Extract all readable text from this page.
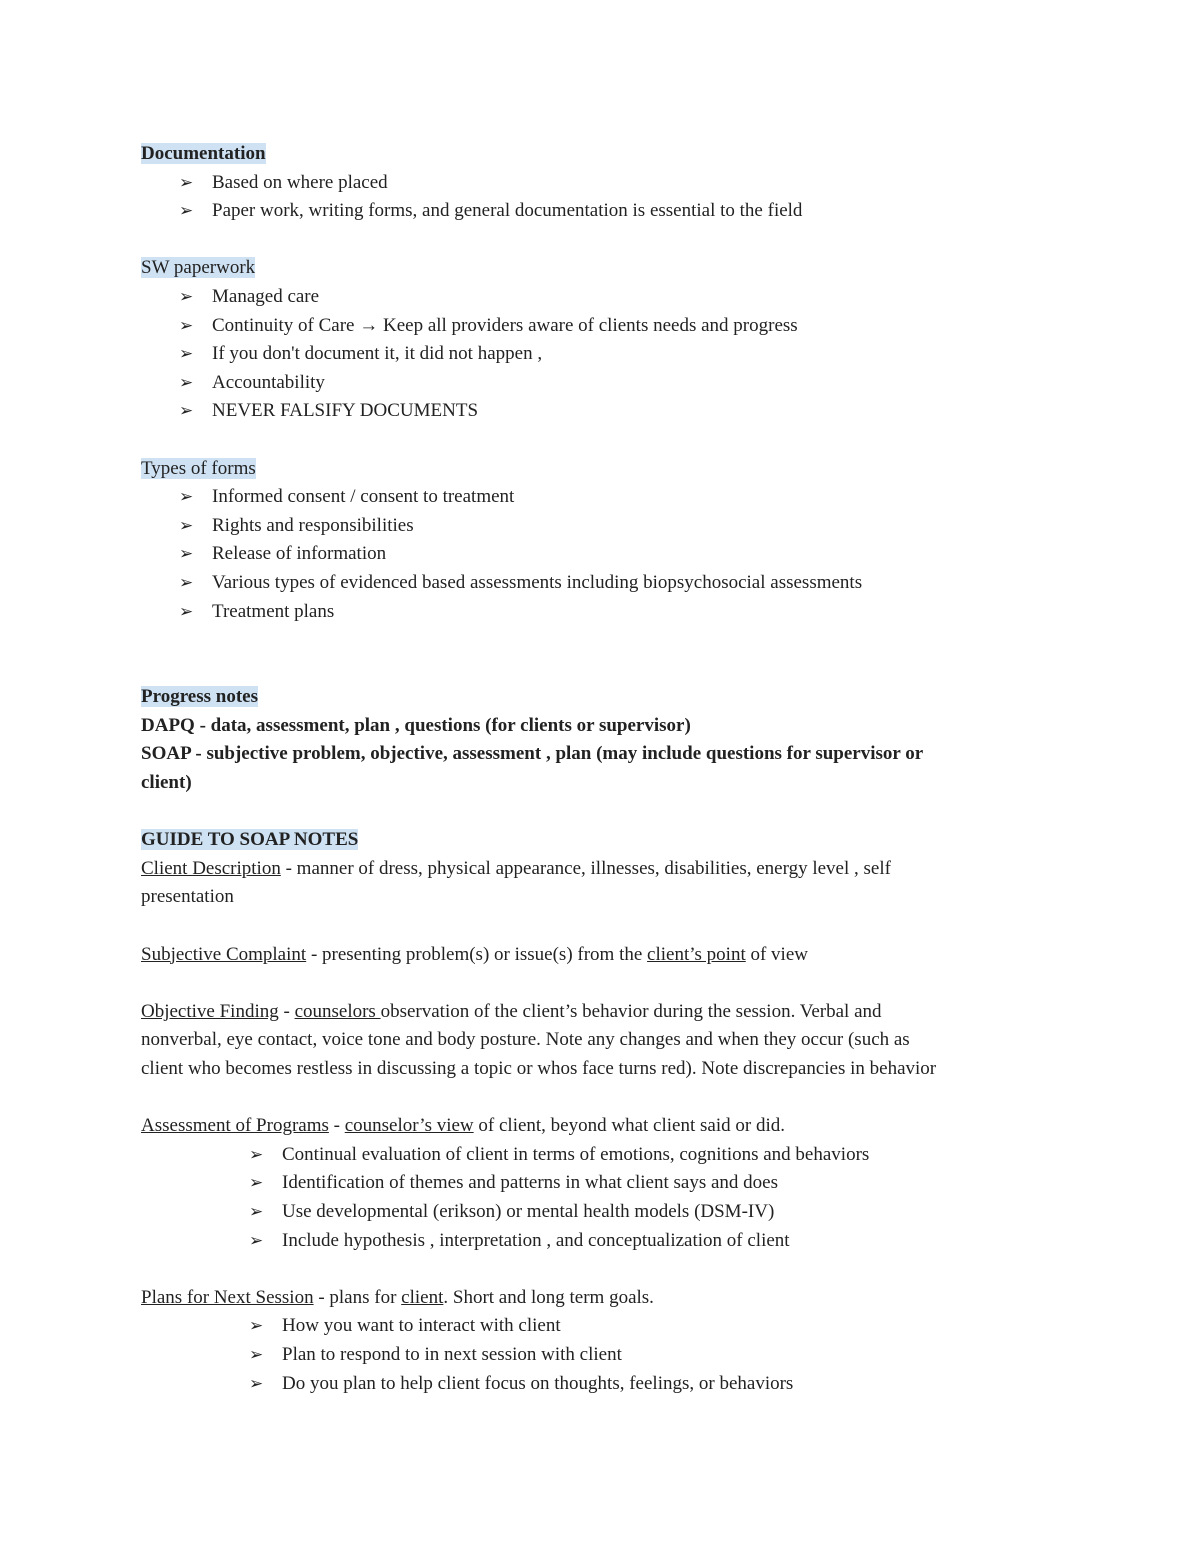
Documentation
➢ Based on where placed
➢ Paper work, writing forms, and general documentation is essential to the field
SW paperwork
➢ Managed care
➢ Continuity of Care → Keep all providers aware of clients needs and progress
➢ If you don't document it, it did not happen ,
➢ Accountability
➢ NEVER FALSIFY DOCUMENTS
Types of forms
➢ Informed consent / consent to treatment
➢ Rights and responsibilities
➢ Release of information
➢ Various types of evidenced based assessments including biopsychosocial assessments
➢ Treatment plans
Progress notes
DAPQ - data, assessment, plan , questions (for clients or supervisor)
SOAP - subjective problem, objective, assessment , plan (may include questions for supervisor or
client)
GUIDE TO SOAP NOTES
Client Description - manner of dress, physical appearance, illnesses, disabilities, energy level , self
presentation
Subjective Complaint - presenting problem(s) or issue(s) from the client’s point of view
Objective Finding - counselors observation of the client’s behavior during the session. Verbal and
nonverbal, eye contact, voice tone and body posture. Note any changes and when they occur (such as
client who becomes restless in discussing a topic or whos face turns red). Note discrepancies in behavior
Assessment of Programs - counselor’s view of client, beyond what client said or did.
➢ Continual evaluation of client in terms of emotions, cognitions and behaviors
➢ Identification of themes and patterns in what client says and does
➢ Use developmental (erikson) or mental health models (DSM-IV)
➢ Include hypothesis , interpretation , and conceptualization of client
Plans for Next Session - plans for client. Short and long term goals.
➢ How you want to interact with client
➢ Plan to respond to in next session with client
➢ Do you plan to help client focus on thoughts, feelings, or behaviors
